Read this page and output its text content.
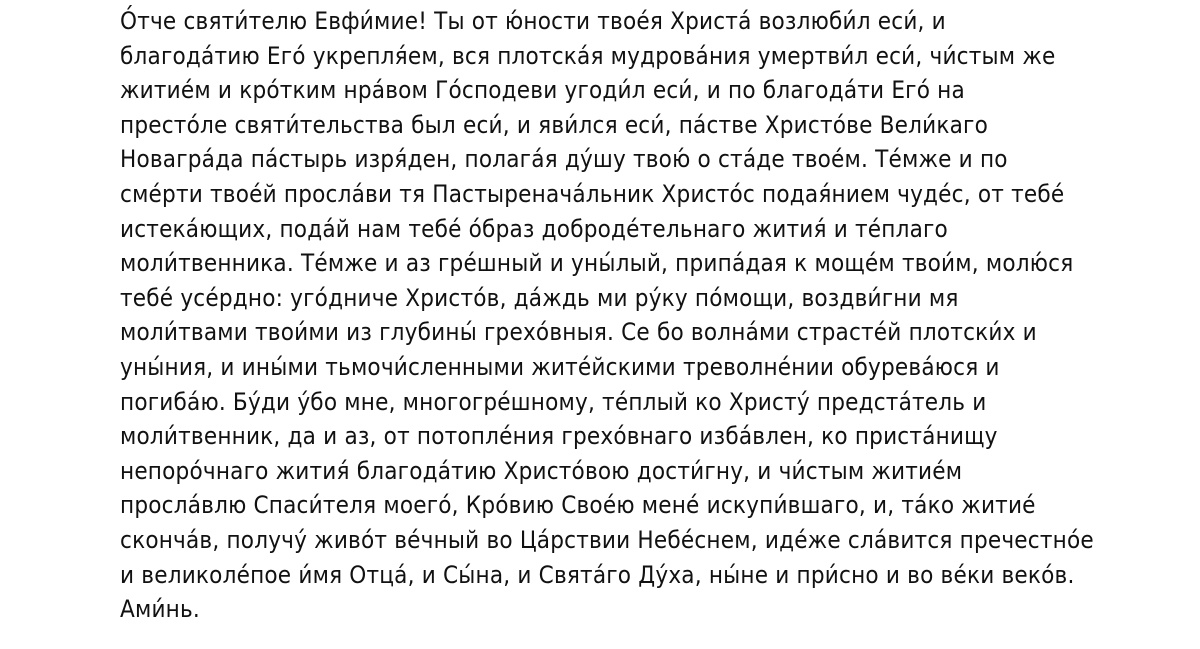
О́тче святи́телю Евфи́мие! Ты от ю́ности твое́я Христа́ возлюби́л еси́, и
благода́тию Его́ укрепля́ем, вся плотска́я мудрова́ния умертви́л еси́, чи́стым же
житие́м и кро́тким нра́вом Го́сподеви угоди́л еси́, и по благода́ти Его́ на
престо́ле святи́тельства был еси́, и яви́лся еси́, па́стве Христо́ве Вели́каго
Новагра́да па́стырь изря́ден, полага́я ду́шу твою́ о ста́де твое́м. Те́мже и по
сме́рти твое́й просла́ви тя Пастыренача́льник Христо́с подая́нием чуде́с, от тебе́
истека́ющих, пода́й нам тебе́ о́браз доброде́тельнаго жития́ и те́плаго
моли́твенника. Те́мже и аз гре́шный и уны́лый, припа́дая к моще́м твои́м, молю́ся
тебе́ усе́рдно: уго́дниче Христо́в, да́ждь ми ру́ку по́мощи, воздви́гни мя
моли́твами твои́ми из глубины́ грехо́вныя. Се бо волна́ми страсте́й плотски́х и
уны́ния, и ины́ми тьмочи́сленными жите́йскими треволне́нии обурева́юся и
погиба́ю. Бу́ди у́бо мне, многогре́шному, те́плый ко Христу́ предста́тель и
моли́твенник, да и аз, от потопле́ния грехо́внаго изба́влен, ко приста́нищу
непоро́чнаго жития́ благода́тию Христо́вою дости́гну, и чи́стым житие́м
просла́влю Спаси́теля моего́, Кро́вию Свое́ю мене́ искупи́вшаго, и, та́ко житие́
сконча́в, получу́ живо́т ве́чный во Ца́рствии Небе́снем, иде́же сла́вится пречестно́е
и великоле́пое и́мя Отца́, и Сы́на, и Свята́го Ду́ха, ны́не и при́сно и во ве́ки веко́в.
Ами́нь.
